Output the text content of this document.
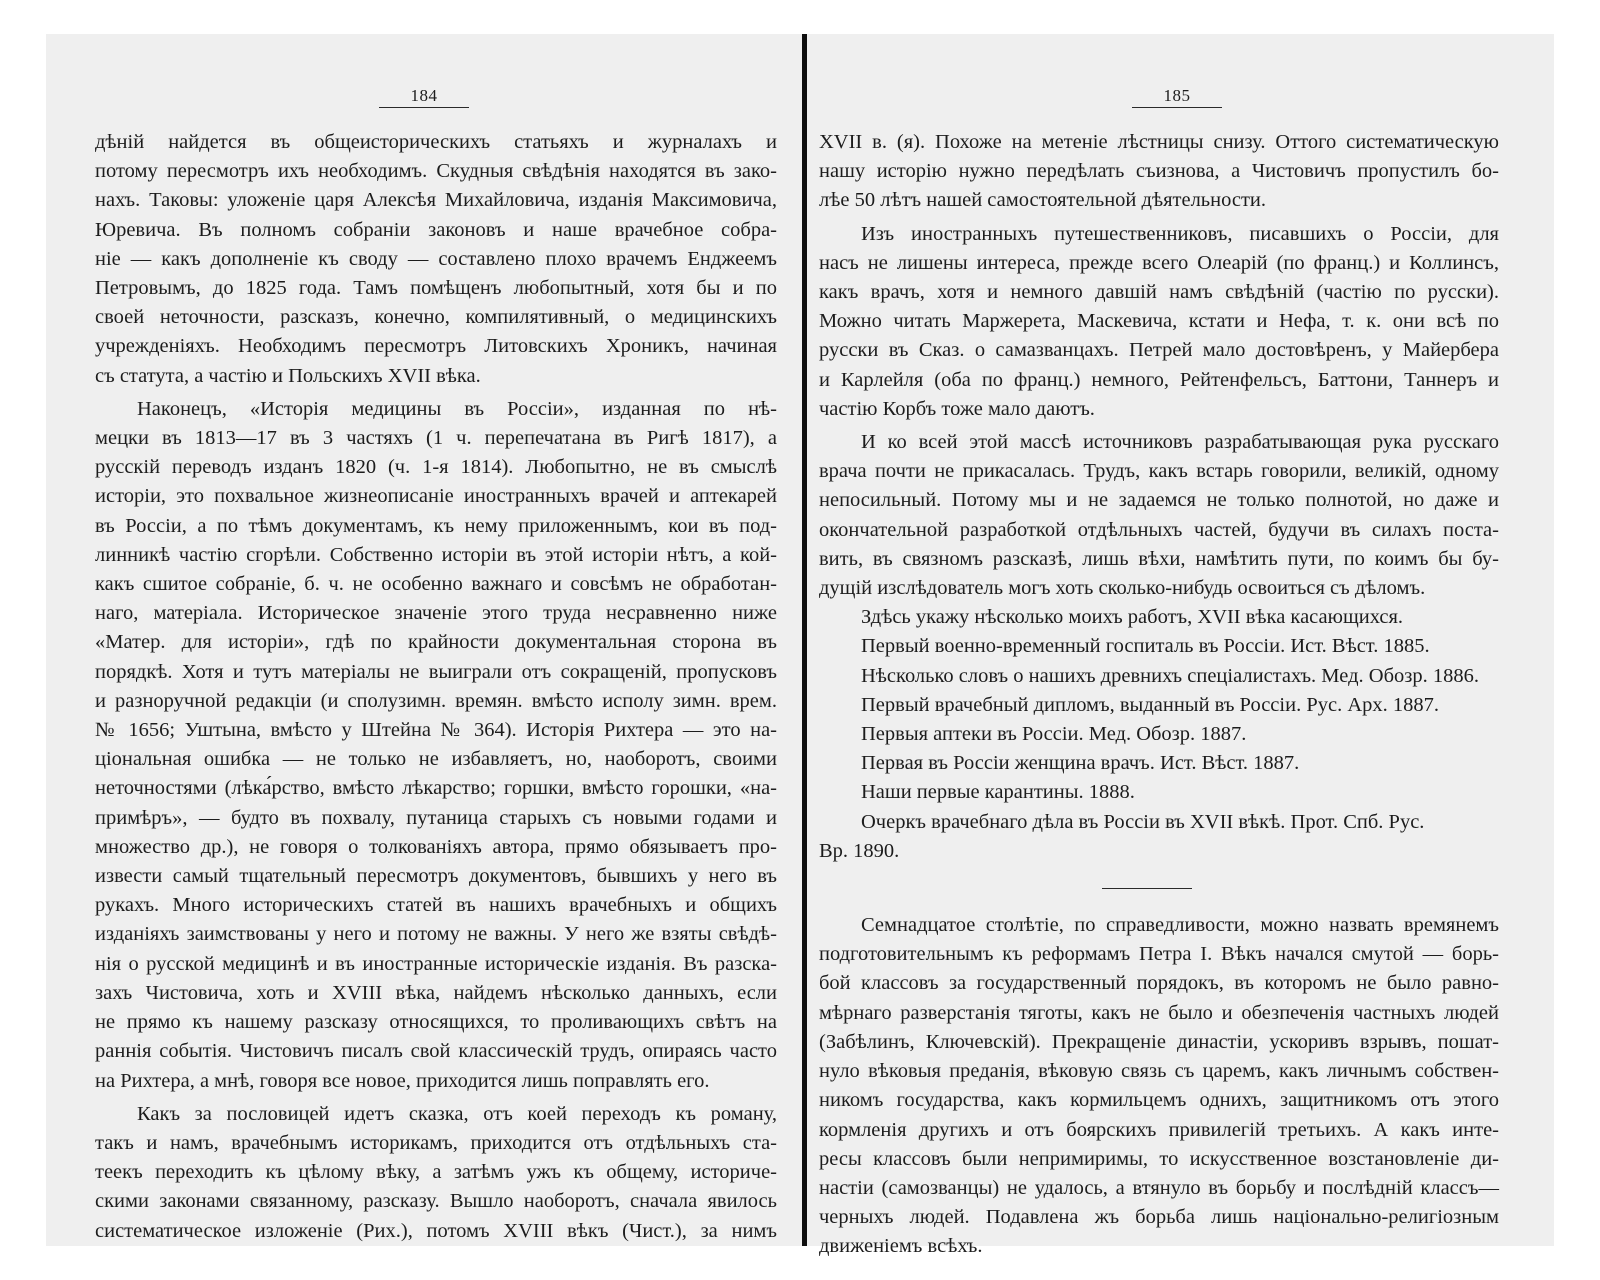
184

дѣній найдется въ общеисторическихъ статьяхъ и журналахъ и
потому пересмотръ ихъ необходимъ. Скудныя свѣдѣнія находятся въ зако-
нахъ. Таковы: уложеніе царя Алексѣя Михайловича, изданія Максимовича,
Юревича. Въ полномъ собраніи законовъ и наше врачебное собра-
ніе — какъ дополненіе къ своду — составлено плохо врачемъ Енджеемъ
Петровымъ, до 1825 года. Тамъ помѣщенъ любопытный, хотя бы и по
своей неточности, разсказъ, конечно, компилятивный, о медицинскихъ
учрежденіяхъ. Необходимъ пересмотръ Литовскихъ Хроникъ, начиная
съ статута, а частію и Польскихъ XVII вѣка.

Наконецъ, «Исторія медицины въ Россіи», изданная по нѣ-
мецки въ 1813—17 въ 3 частяхъ (1 ч. перепечатана въ Ригѣ 1817), а
русскій переводъ изданъ 1820 (ч. 1-я 1814). Любопытно, не въ смыслѣ
исторіи, это похвальное жизнеописаніе иностранныхъ врачей и аптекарей
въ Россіи, а по тѣмъ документамъ, къ нему приложеннымъ, кои въ под-
линникѣ частію сгорѣли. Собственно исторіи въ этой исторіи нѣтъ, а кой-
какъ сшитое собраніе, б. ч. не особенно важнаго и совсѣмъ не обработан-
наго, матеріала. Историческое значеніе этого труда несравненно ниже
«Матер. для исторіи», гдѣ по крайности документальная сторона въ
порядкѣ. Хотя и тутъ матеріалы не выиграли отъ сокращеній, пропусковъ
и разноручной редакціи (и сполузимн. времян. вмѣсто исполу зимн. врем.
№ 1656; Уштына, вмѣсто у Штейна № 364). Исторія Рихтера — это на-
ціональная ошибка — не только не избавляетъ, но, наоборотъ, своими
неточностями (лѣка́рство, вмѣсто лѣкарство; горшки, вмѣсто горошки, «на-
примѣръ», — будто въ похвалу, путаница старыхъ съ новыми годами и
множество др.), не говоря о толкованіяхъ автора, прямо обязываетъ про-
извести самый тщательный пересмотръ документовъ, бывшихъ у него въ
рукахъ. Много историческихъ статей въ нашихъ врачебныхъ и общихъ
изданіяхъ заимствованы у него и потому не важны. У него же взяты свѣдѣ-
нія о русской медицинѣ и въ иностранные историческіе изданія. Въ разска-
захъ Чистовича, хоть и XVIII вѣка, найдемъ нѣсколько данныхъ, если
не прямо къ нашему разсказу относящихся, то проливающихъ свѣтъ на
раннія событія. Чистовичъ писалъ свой классическій трудъ, опираясь часто
на Рихтера, а мнѣ, говоря все новое, приходится лишь поправлять его.

Какъ за пословицей идетъ сказка, отъ коей переходъ къ роману,
такъ и намъ, врачебнымъ историкамъ, приходится отъ отдѣльныхъ ста-
теекъ переходить къ цѣлому вѣку, а затѣмъ ужъ къ общему, историче-
скими законами связанному, разсказу. Вышло наоборотъ, сначала явилось
систематическое изложеніе (Рих.), потомъ XVIII вѣкъ (Чист.), за нимъ

185

XVII в. (я). Похоже на метеніе лѣстницы снизу. Оттого систематическую
нашу исторію нужно передѣлать съизнова, а Чистовичъ пропустилъ бо-
лѣе 50 лѣтъ нашей самостоятельной дѣятельности.

Изъ иностранныхъ путешественниковъ, писавшихъ о Россіи, для
насъ не лишены интереса, прежде всего Олеарій (по франц.) и Коллинсъ,
какъ врачъ, хотя и немного давшій намъ свѣдѣній (частію по русски).
Можно читать Маржерета, Маскевича, кстати и Нефа, т. к. они всѣ по
русски въ Сказ. о самазванцахъ. Петрей мало достовѣренъ, у Майербера
и Карлейля (оба по франц.) немного, Рейтенфельсъ, Баттони, Таннеръ и
частію Корбъ тоже мало даютъ.

И ко всей этой массѣ источниковъ разрабатывающая рука русскаго
врача почти не прикасалась. Трудъ, какъ встарь говорили, великій, одному
непосильный. Потому мы и не задаемся не только полнотой, но даже и
окончательной разработкой отдѣльныхъ частей, будучи въ силахъ поста-
вить, въ связномъ разсказѣ, лишь вѣхи, намѣтить пути, по коимъ бы бу-
дущій изслѣдователь могъ хоть сколько-нибудь освоиться съ дѣломъ.

Здѣсь укажу нѣсколько моихъ работъ, XVII вѣка касающихся.
Первый военно-временный госпиталь въ Россіи. Ист. Вѣст. 1885.
Нѣсколько словъ о нашихъ древнихъ спеціалистахъ. Мед. Обозр. 1886.
Первый врачебный дипломъ, выданный въ Россіи. Рус. Арх. 1887.
Первыя аптеки въ Россіи. Мед. Обозр. 1887.
Первая въ Россіи женщина врачъ. Ист. Вѣст. 1887.
Наши первые карантины. 1888.
Очеркъ врачебнаго дѣла въ Россіи въ XVII вѣкѣ. Прот. Спб. Рус.
Вр. 1890.

Семнадцатое столѣтіе, по справедливости, можно назвать времянемъ
подготовительнымъ къ реформамъ Петра I. Вѣкъ начался смутой — борь-
бой классовъ за государственный порядокъ, въ которомъ не было равно-
мѣрнаго разверстанія тяготы, какъ не было и обезпеченія частныхъ людей
(Забѣлинъ, Ключевскій). Прекращеніе династіи, ускоривъ взрывъ, пошат-
нуло вѣковыя преданія, вѣковую связь съ царемъ, какъ личнымъ собствен-
никомъ государства, какъ кормильцемъ однихъ, защитникомъ отъ этого
кормленія другихъ и отъ боярскихъ привилегій третьихъ. А какъ инте-
ресы классовъ были непримиримы, то искусственное возстановленіе ди-
настіи (самозванцы) не удалось, а втянуло въ борьбу и послѣдній классъ—
черныхъ людей. Подавлена жъ борьба лишь національно-религіозным
движеніемъ всѣхъ.
